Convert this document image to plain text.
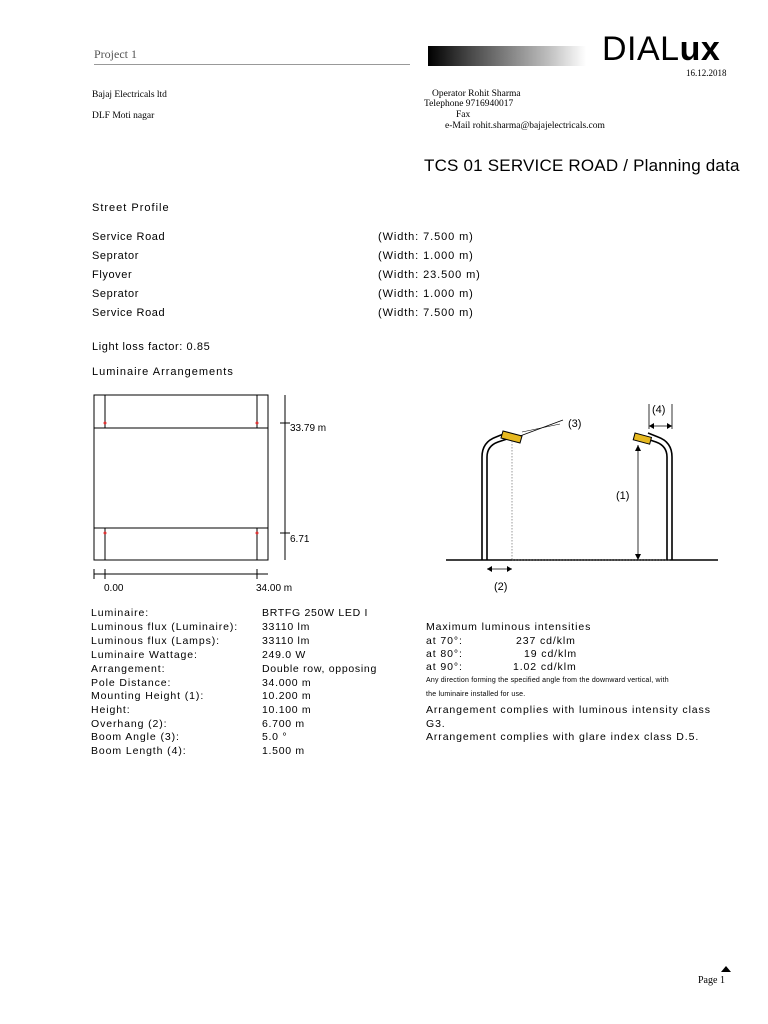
Project 1	DIALux
16.12.2018
Bajaj Electricals ltd
DLF Moti nagar
Operator Rohit Sharma
Telephone 9716940017
Fax
e-Mail rohit.sharma@bajajelectricals.com
TCS 01 SERVICE ROAD / Planning data
Street Profile
Service Road	(Width: 7.500 m)
Seprator	(Width: 1.000 m)
Flyover	(Width: 23.500 m)
Seprator	(Width: 1.000 m)
Service Road	(Width: 7.500 m)
Light loss factor: 0.85
Luminaire Arrangements
33.79 m
6.71
0.00	34.00 m
(3)
(2)
(1)
(4)
Luminaire:	BRTFG 250W LED I
Luminous flux (Luminaire): 33110 lm
Luminous flux (Lamps):	33110 lm
Luminaire Wattage:	249.0 W
Arrangement:	Double row, opposing
Pole Distance:	34.000 m
Mounting Height (1):	10.200 m
Height:	10.100 m
Overhang (2):	6.700 m
Boom Angle (3):	5.0 °
Boom Length (4):	1.500 m
Maximum luminous intensities
at 70°:	237 cd/klm
at 80°:	19 cd/klm
at 90°:	1.02 cd/klm
Any direction forming the specified angle from the downward vertical, with
the luminaire installed for use.
Arrangement complies with luminous intensity class
G3.
Arrangement complies with glare index class D.5.
Page 1
